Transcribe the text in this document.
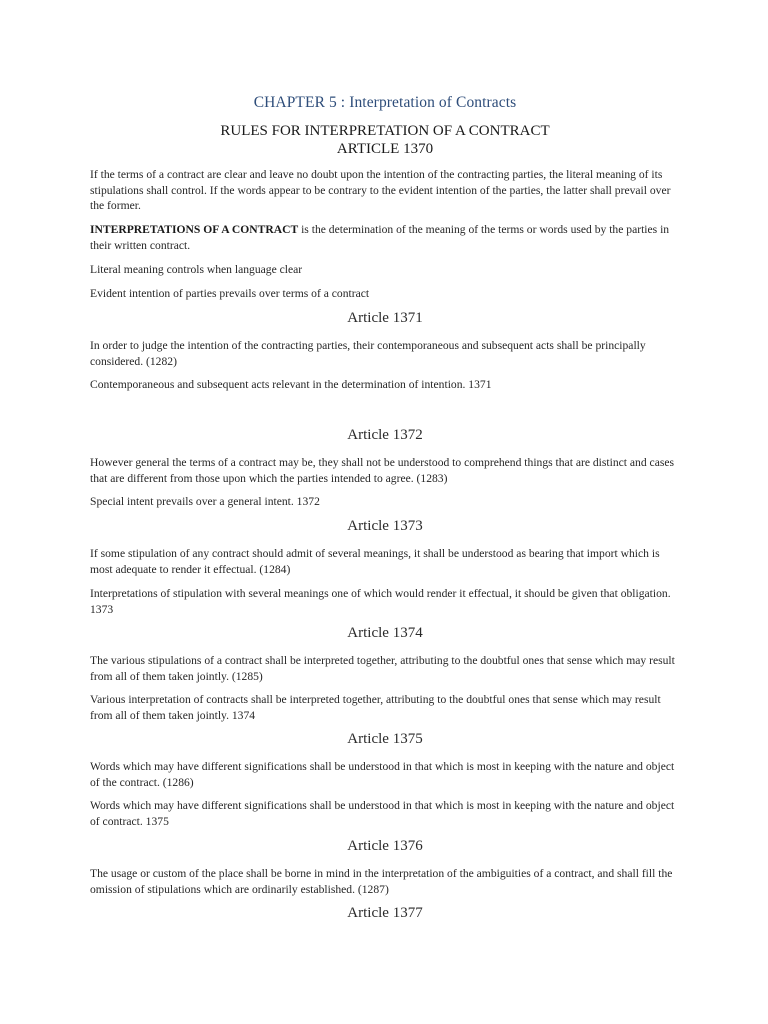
CHAPTER 5 : Interpretation of Contracts
RULES FOR INTERPRETATION OF A CONTRACT
ARTICLE 1370

If the terms of a contract are clear and leave no doubt upon the intention of the contracting parties, the literal meaning of its stipulations shall control. If the words appear to be contrary to the evident intention of the parties, the latter shall prevail over the former.

INTERPRETATIONS OF A CONTRACT is the determination of the meaning of the terms or words used by the parties in their written contract.

Literal meaning controls when language clear

Evident intention of parties prevails over terms of a contract

Article 1371

In order to judge the intention of the contracting parties, their contemporaneous and subsequent acts shall be principally considered. (1282)

Contemporaneous and subsequent acts relevant in the determination of intention. 1371

Article 1372

However general the terms of a contract may be, they shall not be understood to comprehend things that are distinct and cases that are different from those upon which the parties intended to agree. (1283)

Special intent prevails over a general intent. 1372

Article 1373

If some stipulation of any contract should admit of several meanings, it shall be understood as bearing that import which is most adequate to render it effectual. (1284)

Interpretations of stipulation with several meanings one of which would render it effectual, it should be given that obligation. 1373

Article 1374

The various stipulations of a contract shall be interpreted together, attributing to the doubtful ones that sense which may result from all of them taken jointly. (1285)

Various interpretation of contracts shall be interpreted together, attributing to the doubtful ones that sense which may result from all of them taken jointly. 1374

Article 1375

Words which may have different significations shall be understood in that which is most in keeping with the nature and object of the contract. (1286)

Words which may have different significations shall be understood in that which is most in keeping with the nature and object of contract. 1375

Article 1376

The usage or custom of the place shall be borne in mind in the interpretation of the ambiguities of a contract, and shall fill the omission of stipulations which are ordinarily established. (1287)

Article 1377
